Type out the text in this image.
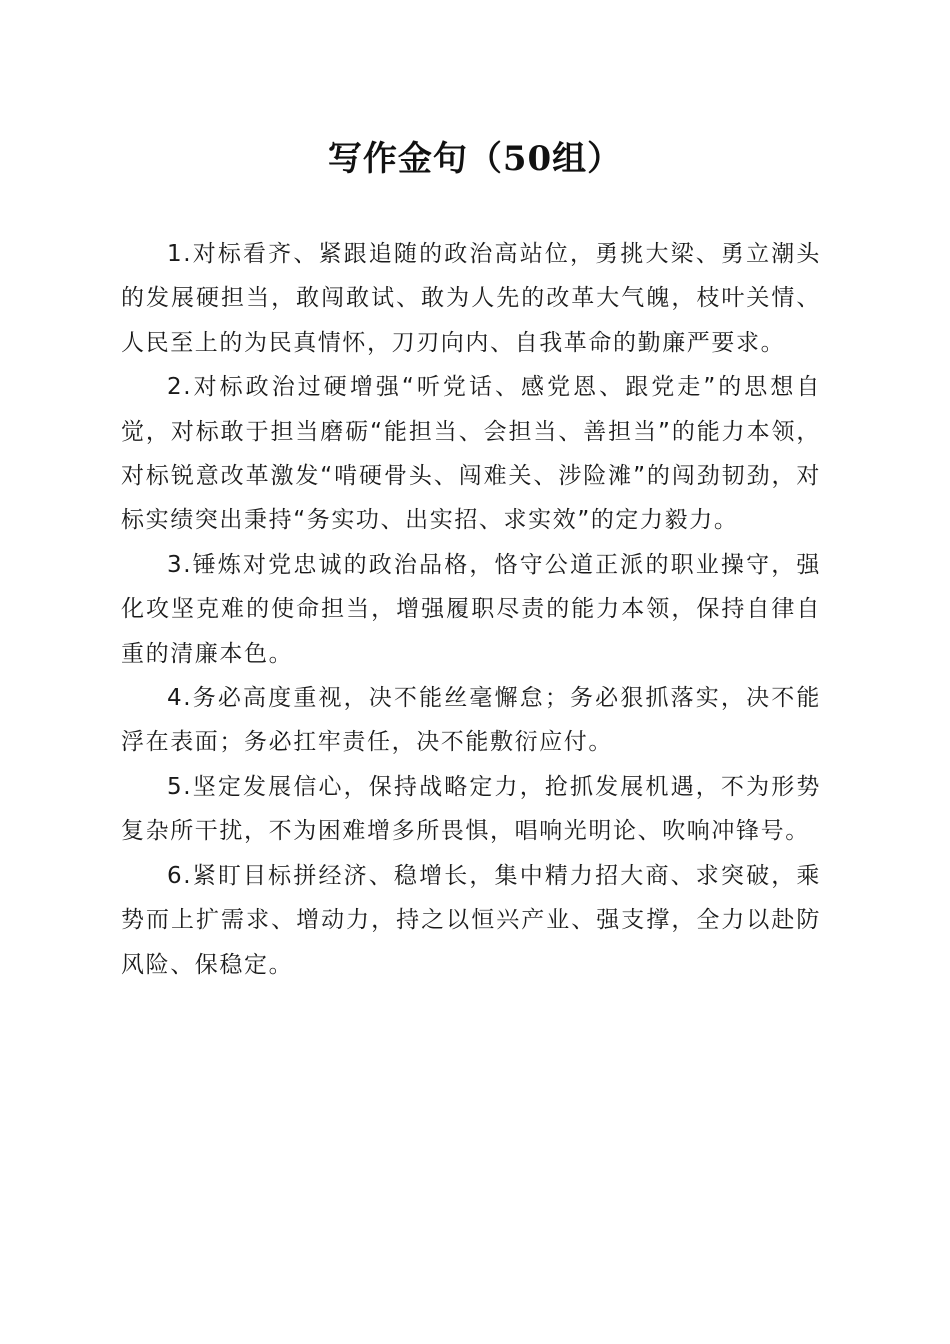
写作金句（50组）

1.对标看齐、紧跟追随的政治高站位，勇挑大梁、勇立潮头的发展硬担当，敢闯敢试、敢为人先的改革大气魄，枝叶关情、人民至上的为民真情怀，刀刃向内、自我革命的勤廉严要求。

2.对标政治过硬增强“听党话、感党恩、跟党走”的思想自觉，对标敢于担当磨砺“能担当、会担当、善担当”的能力本领，对标锐意改革激发“啃硬骨头、闯难关、涉险滩”的闯劲韧劲，对标实绩突出秉持“务实功、出实招、求实效”的定力毅力。

3.锤炼对党忠诚的政治品格，恪守公道正派的职业操守，强化攻坚克难的使命担当，增强履职尽责的能力本领，保持自律自重的清廉本色。

4.务必高度重视，决不能丝毫懈怠；务必狠抓落实，决不能浮在表面；务必扛牢责任，决不能敷衍应付。

5.坚定发展信心，保持战略定力，抢抓发展机遇，不为形势复杂所干扰，不为困难增多所畏惧，唱响光明论、吹响冲锋号。

6.紧盯目标拼经济、稳增长，集中精力招大商、求突破，乘势而上扩需求、增动力，持之以恒兴产业、强支撑，全力以赴防风险、保稳定。
